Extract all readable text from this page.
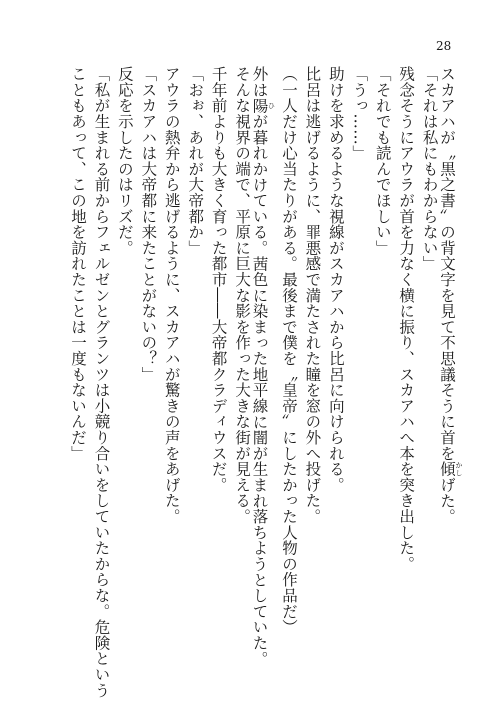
28
スカアハが〝黒之書〟の背文字を見て不思議そうに首を傾 かしげた。
「それは私にもわからない」
残念そうにアウラが首を力なく横に振り、スカアハへ本を突き出した。
「それでも読んでほしい」
「うっ……」
助けを求めるような視線がスカアハから比呂に向けられる。
比呂は逃げるように、罪悪感で満たされた瞳を窓の外へ投げた。
（一人だけ心当たりがある。最後まで僕を〝皇帝〟にしたかった人物の作品だ）
外は陽 ひが暮れかけている。茜色に染まった地平線に闇が生まれ落ちようとしていた。
そんな視界の端で、平原に巨大な影を作った大きな街が見える。
千年前よりも大きく育った都市――大帝都クラディウスだ。
「おぉ、あれが大帝都か」
アウラの熱弁から逃げるように、スカアハが驚きの声をあげた。
「スカアハは大帝都に来たことがないの？」
反応を示したのはリズだ。
「私が生まれる前からフェルゼンとグランツは小競り合いをしていたからな。危険という
こともあって、この地を訪れたことは一度もないんだ」
